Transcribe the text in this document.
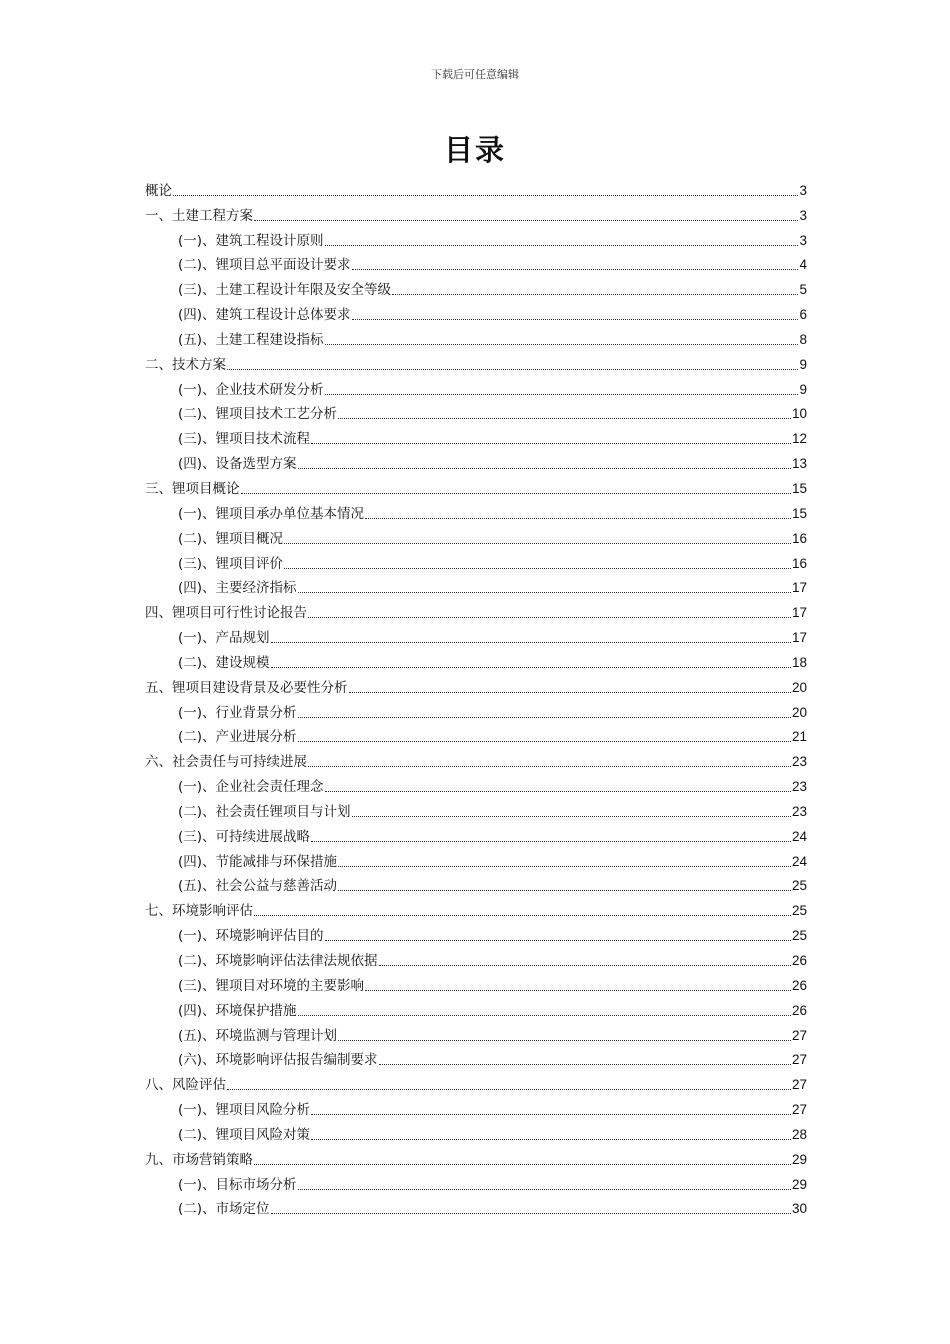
下载后可任意编辑
目录
概论	3
一、土建工程方案	3
(一)、建筑工程设计原则	3
(二)、锂项目总平面设计要求	4
(三)、土建工程设计年限及安全等级	5
(四)、建筑工程设计总体要求	6
(五)、土建工程建设指标	8
二、技术方案	9
(一)、企业技术研发分析	9
(二)、锂项目技术工艺分析	10
(三)、锂项目技术流程	12
(四)、设备选型方案	13
三、锂项目概论	15
(一)、锂项目承办单位基本情况	15
(二)、锂项目概况	16
(三)、锂项目评价	16
(四)、主要经济指标	17
四、锂项目可行性讨论报告	17
(一)、产品规划	17
(二)、建设规模	18
五、锂项目建设背景及必要性分析	20
(一)、行业背景分析	20
(二)、产业进展分析	21
六、社会责任与可持续进展	23
(一)、企业社会责任理念	23
(二)、社会责任锂项目与计划	23
(三)、可持续进展战略	24
(四)、节能减排与环保措施	24
(五)、社会公益与慈善活动	25
七、环境影响评估	25
(一)、环境影响评估目的	25
(二)、环境影响评估法律法规依据	26
(三)、锂项目对环境的主要影响	26
(四)、环境保护措施	26
(五)、环境监测与管理计划	27
(六)、环境影响评估报告编制要求	27
八、风险评估	27
(一)、锂项目风险分析	27
(二)、锂项目风险对策	28
九、市场营销策略	29
(一)、目标市场分析	29
(二)、市场定位	30
